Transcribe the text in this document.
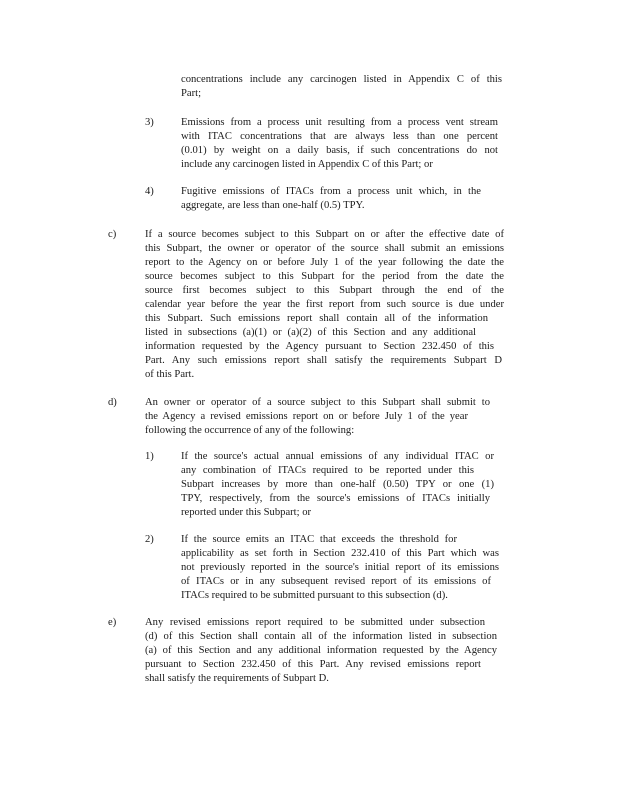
concentrations include any carcinogen listed in Appendix C of this
Part;
3)	Emissions from a process unit resulting from a process vent stream
with ITAC concentrations that are always less than one percent
(0.01) by weight on a daily basis, if such concentrations do not
include any carcinogen listed in Appendix C of this Part; or
4)	Fugitive emissions of ITACs from a process unit which, in the
aggregate, are less than one-half (0.5) TPY.
c)	If a source becomes subject to this Subpart on or after the effective date of
this Subpart, the owner or operator of the source shall submit an emissions
report to the Agency on or before July 1 of the year following the date the
source becomes subject to this Subpart for the period from the date the
source first becomes subject to this Subpart through the end of the
calendar year before the year the first report from such source is due under
this Subpart. Such emissions report shall contain all of the information
listed in subsections (a)(1) or (a)(2) of this Section and any additional
information requested by the Agency pursuant to Section 232.450 of this
Part. Any such emissions report shall satisfy the requirements Subpart D
of this Part.
d)	An owner or operator of a source subject to this Subpart shall submit to
the Agency a revised emissions report on or before July 1 of the year
following the occurrence of any of the following:
1)	If the source's actual annual emissions of any individual ITAC or
any combination of ITACs required to be reported under this
Subpart increases by more than one-half (0.50) TPY or one (1)
TPY, respectively, from the source's emissions of ITACs initially
reported under this Subpart; or
2)	If the source emits an ITAC that exceeds the threshold for
applicability as set forth in Section 232.410 of this Part which was
not previously reported in the source's initial report of its emissions
of ITACs or in any subsequent revised report of its emissions of
ITACs required to be submitted pursuant to this subsection (d).
e)	Any revised emissions report required to be submitted under subsection
(d) of this Section shall contain all of the information listed in subsection
(a) of this Section and any additional information requested by the Agency
pursuant to Section 232.450 of this Part. Any revised emissions report
shall satisfy the requirements of Subpart D.
